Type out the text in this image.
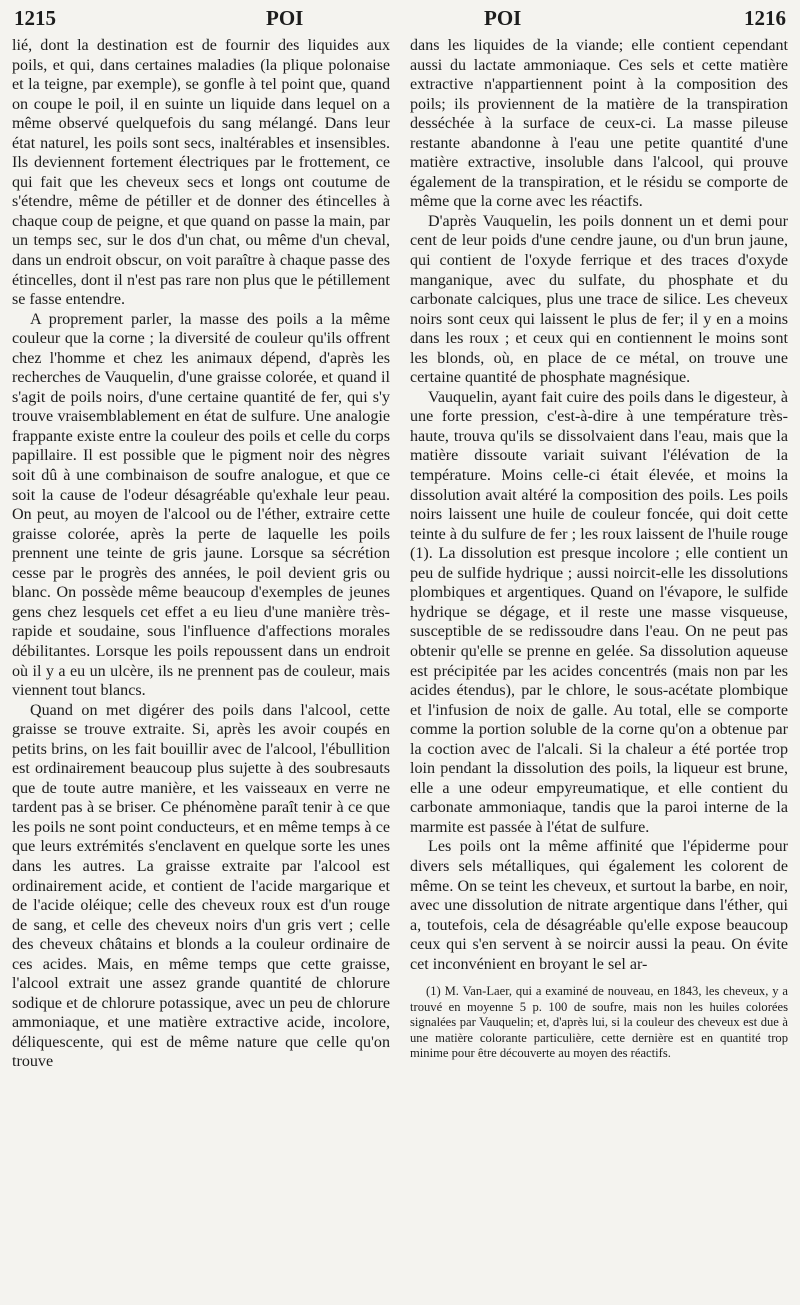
1215	POI	POI	1216

lié, dont la destination est de fournir des liquides aux poils, et qui, dans certaines maladies (la plique polonaise et la teigne, par exemple), se gonfle à tel point que, quand on coupe le poil, il en suinte un liquide dans lequel on a même observé quelquefois du sang mélangé. Dans leur état naturel, les poils sont secs, inaltérables et insensibles. Ils deviennent fortement électriques par le frottement, ce qui fait que les cheveux secs et longs ont coutume de s'étendre, même de pétiller et de donner des étincelles à chaque coup de peigne, et que quand on passe la main, par un temps sec, sur le dos d'un chat, ou même d'un cheval, dans un endroit obscur, on voit paraître à chaque passe des étincelles, dont il n'est pas rare non plus que le pétillement se fasse entendre.

A proprement parler, la masse des poils a la même couleur que la corne ; la diversité de couleur qu'ils offrent chez l'homme et chez les animaux dépend, d'après les recherches de Vauquelin, d'une graisse colorée, et quand il s'agit de poils noirs, d'une certaine quantité de fer, qui s'y trouve vraisemblablement en état de sulfure. Une analogie frappante existe entre la couleur des poils et celle du corps papillaire. Il est possible que le pigment noir des nègres soit dû à une combinaison de soufre analogue, et que ce soit la cause de l'odeur désagréable qu'exhale leur peau. On peut, au moyen de l'alcool ou de l'éther, extraire cette graisse colorée, après la perte de laquelle les poils prennent une teinte de gris jaune. Lorsque sa sécrétion cesse par le progrès des années, le poil devient gris ou blanc. On possède même beaucoup d'exemples de jeunes gens chez lesquels cet effet a eu lieu d'une manière très-rapide et soudaine, sous l'influence d'affections morales débilitantes. Lorsque les poils repoussent dans un endroit où il y a eu un ulcère, ils ne prennent pas de couleur, mais viennent tout blancs.

Quand on met digérer des poils dans l'alcool, cette graisse se trouve extraite. Si, après les avoir coupés en petits brins, on les fait bouillir avec de l'alcool, l'ébullition est ordinairement beaucoup plus sujette à des soubresauts que de toute autre manière, et les vaisseaux en verre ne tardent pas à se briser. Ce phénomène paraît tenir à ce que les poils ne sont point conducteurs, et en même temps à ce que leurs extrémités s'enclavent en quelque sorte les unes dans les autres. La graisse extraite par l'alcool est ordinairement acide, et contient de l'acide margarique et de l'acide oléique; celle des cheveux roux est d'un rouge de sang, et celle des cheveux noirs d'un gris vert ; celle des cheveux châtains et blonds a la couleur ordinaire de ces acides. Mais, en même temps que cette graisse, l'alcool extrait une assez grande quantité de chlorure sodique et de chlorure potassique, avec un peu de chlorure ammoniaque, et une matière extractive acide, incolore, déliquescente, qui est de même nature que celle qu'on trouve

dans les liquides de la viande; elle contient cependant aussi du lactate ammoniaque. Ces sels et cette matière extractive n'appartiennent point à la composition des poils; ils proviennent de la matière de la transpiration desséchée à la surface de ceux-ci. La masse pileuse restante abandonne à l'eau une petite quantité d'une matière extractive, insoluble dans l'alcool, qui prouve également de la transpiration, et le résidu se comporte de même que la corne avec les réactifs.

D'après Vauquelin, les poils donnent un et demi pour cent de leur poids d'une cendre jaune, ou d'un brun jaune, qui contient de l'oxyde ferrique et des traces d'oxyde manganique, avec du sulfate, du phosphate et du carbonate calciques, plus une trace de silice. Les cheveux noirs sont ceux qui laissent le plus de fer; il y en a moins dans les roux ; et ceux qui en contiennent le moins sont les blonds, où, en place de ce métal, on trouve une certaine quantité de phosphate magnésique.

Vauquelin, ayant fait cuire des poils dans le digesteur, à une forte pression, c'est-à-dire à une température très-haute, trouva qu'ils se dissolvaient dans l'eau, mais que la matière dissoute variait suivant l'élévation de la température. Moins celle-ci était élevée, et moins la dissolution avait altéré la composition des poils. Les poils noirs laissent une huile de couleur foncée, qui doit cette teinte à du sulfure de fer ; les roux laissent de l'huile rouge (1). La dissolution est presque incolore ; elle contient un peu de sulfide hydrique ; aussi noircit-elle les dissolutions plombiques et argentiques. Quand on l'évapore, le sulfide hydrique se dégage, et il reste une masse visqueuse, susceptible de se redissoudre dans l'eau. On ne peut pas obtenir qu'elle se prenne en gelée. Sa dissolution aqueuse est précipitée par les acides concentrés (mais non par les acides étendus), par le chlore, le sous-acétate plombique et l'infusion de noix de galle. Au total, elle se comporte comme la portion soluble de la corne qu'on a obtenue par la coction avec de l'alcali. Si la chaleur a été portée trop loin pendant la dissolution des poils, la liqueur est brune, elle a une odeur empyreumatique, et elle contient du carbonate ammoniaque, tandis que la paroi interne de la marmite est passée à l'état de sulfure.

Les poils ont la même affinité que l'épiderme pour divers sels métalliques, qui également les colorent de même. On se teint les cheveux, et surtout la barbe, en noir, avec une dissolution de nitrate argentique dans l'éther, qui a, toutefois, cela de désagréable qu'elle expose beaucoup ceux qui s'en servent à se noircir aussi la peau. On évite cet inconvénient en broyant le sel ar-

(1) M. Van-Laer, qui a examiné de nouveau, en 1843, les cheveux, y a trouvé en moyenne 5 p. 100 de soufre, mais non les huiles colorées signalées par Vauquelin; et, d'après lui, si la couleur des cheveux est due à une matière colorante particulière, cette dernière est en quantité trop minime pour être découverte au moyen des réactifs.
